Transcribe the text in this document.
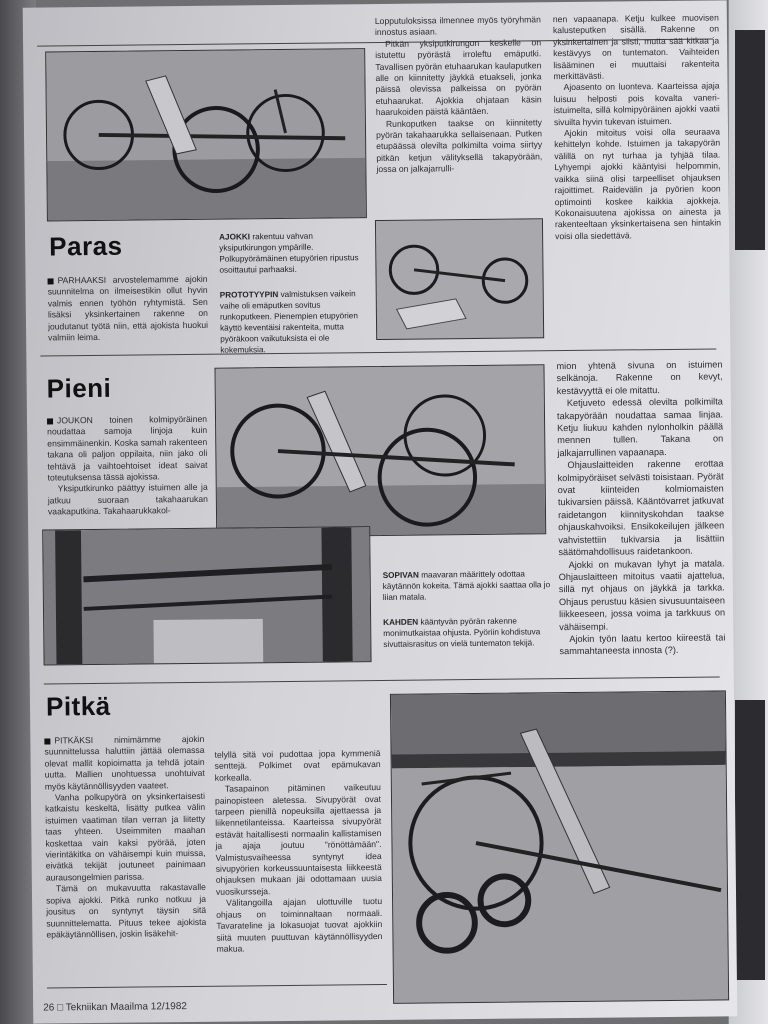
Paras

PARHAAKSI arvostelemamme ajokin suunnitelma on ilmeisestikin ollut hyvin valmis ennen työhön ryhtymistä. Sen lisäksi yksinkertainen rakenne on joudutanut työtä niin, että ajokista huokui valmiin leima.

AJOKKI rakentuu vahvan yksiputkirungon ympärille. Polkupyörämäinen etupyörien ripustus osoittautui parhaaksi.

PROTOTYYPIN valmistuksen vaikein vaihe oli emäputken sovitus runkoputkeen. Pienempien etupyörien käyttö keventäisi rakenteita, mutta pyöräkoon vaikutuksista ei ole kokemuksia.

Lopputuloksissa ilmennee myös työryhmän innostus asiaan.

Pitkän yksiputkirungon keskelle on istutettu pyörästä irroleftu emäputki. Tavallisen pyörän etuhaarukan kaulaputken alle on kiinnitetty jäykkä etuakseli, jonka päissä olevissa palkeissa on pyörän etuhaarukat. Ajokkia ohjataan käsin haarukoiden päistä kääntäen.

Runkoputken taakse on kiinnitetty pyörän takahaarukka sellaisenaan. Putken etupäässä olevilta polkimilta voima siirtyy pitkän ketjun välityksellä takapyörään, jossa on jalkajarrulli-

nen vapaanapa. Ketju kulkee muovisen kalusteputken sisällä. Rakenne on yksinkertainen ja siisti, mutta sää kitkaa ja kestävyys on tuntematon. Vaihteiden lisääminen ei muuttaisi rakenteita merkittävästi.

Ajoasento on luonteva. Kaarteissa ajaja luisuu helposti pois kovalta vaneri-istuimelta, sillä kolmipyöräinen ajokki vaatii sivuilta hyvin tukevan istuimen.

Ajokin mitoitus voisi olla seuraava kehittelyn kohde. Istuimen ja takapyörän välillä on nyt turhaa ja tyhjää tilaa. Lyhyempi ajokki kääntyisi helpommin, vaikka siinä olisi tarpeelliset ohjauksen rajoittimet. Raidevälin ja pyörien koon optimointi koskee kaikkia ajokkeja. Kokonaisuutena ajokissa on ainesta ja rakenteeltaan yksinkertaisena sen hintakin voisi olla siedettävä.

Pieni

JOUKON toinen kolmipyöräinen noudattaa samoja linjoja kuin ensimmäinenkin. Koska samah rakenteen takana oli paljon oppilaita, niin jako oli tehtävä ja vaihtoehtoiset ideat saivat toteutuksensa tässä ajokissa.

Yksiputkirunko päättyy istuimen alle ja jatkuu suoraan takahaarukan vaakaputkina. Takahaarukkakol-

SOPIVAN maavaran määrittely odottaa käytännön kokeita. Tämä ajokki saattaa olla jo liian matala.

KAHDEN kääntyvän pyörän rakenne monimutkaistaa ohjusta. Pyöriin kohdistuva sivuttaisrasitus on vielä tuntematon tekijä.

mion yhtenä sivuna on istuimen selkänoja. Rakenne on kevyt, kestävyyttä ei ole mitattu.

Ketjuveto edessä olevilta polkimilta takapyörään noudattaa samaa linjaa. Ketju liukuu kahden nylonholkin päällä mennen tullen. Takana on jalkajarrullinen vapaanapa.

Ohjauslaitteiden rakenne erottaa kolmipyöräiset selvästi toisistaan. Pyörät ovat kiinteiden kolmiomaisten tukivarsien päissä. Kääntövarret jatkuvat raidetangon kiinnityskohdan taakse ohjauskahvoiksi. Ensikokeilujen jälkeen vahvistettiin tukivarsia ja lisättiin säätömahdollisuus raidetankoon.

Ajokki on mukavan lyhyt ja matala. Ohjauslaitteen mitoitus vaatii ajattelua, sillä nyt ohjaus on jäykkä ja tarkka. Ohjaus perustuu käsien sivusuuntaiseen liikkeeseen, jossa voima ja tarkkuus on vähäisempi.

Ajokin työn laatu kertoo kiireestä tai sammahtaneesta innosta (?).

Pitkä

PITKÄKSI nimimämme ajokin suunnittelussa haluttiin jättää olemassa olevat mallit kopioimatta ja tehdä jotain uutta. Mallien unohtuessa unohtuivat myös käytännöllisyyden vaateet.

Vanha polkupyörä on yksinkertaisesti katkaistu keskeltä, lisätty putkea välin istuimen vaatiman tilan verran ja liitetty taas yhteen. Useimmiten maahan koskettaa vain kaksi pyörää, joten vierintäkitka on vähäisempi kuin muissa, eivätkä tekijät joutuneet painimaan aurausongelmien parissa.

Tämä on mukavuutta rakastavalle sopiva ajokki. Pitkä runko notkuu ja jousitus on syntynyt täysin sitä suunnittelematta. Pituus tekee ajokista epäkäytännöllisen, joskin lisäkehit-

telyllä sitä voi pudottaa jopa kymmeniä senttejä. Polkimet ovat epämukavan korkealla.

Tasapainon pitäminen vaikeutuu painopisteen aletessa. Sivupyörät ovat tarpeen pienillä nopeuksilla ajettaessa ja liikennetilanteissa. Kaarteissa sivupyörät estävät haitallisesti normaalin kallistamisen ja ajaja joutuu "rönöttämään". Valmistusvaiheessa syntynyt idea sivupyörien korkeussuuntaisesta liikkeestä ohjauksen mukaan jäi odottamaan uusia vuosikursseja.

Välitangoilla ajajan ulottuville tuotu ohjaus on toiminnaltaan normaali. Tavarateline ja lokasuojat tuovat ajokkiin siitä muuten puuttuvan käytännöllisyyden makua.

26 □ Tekniikan Maailma 12/1982
